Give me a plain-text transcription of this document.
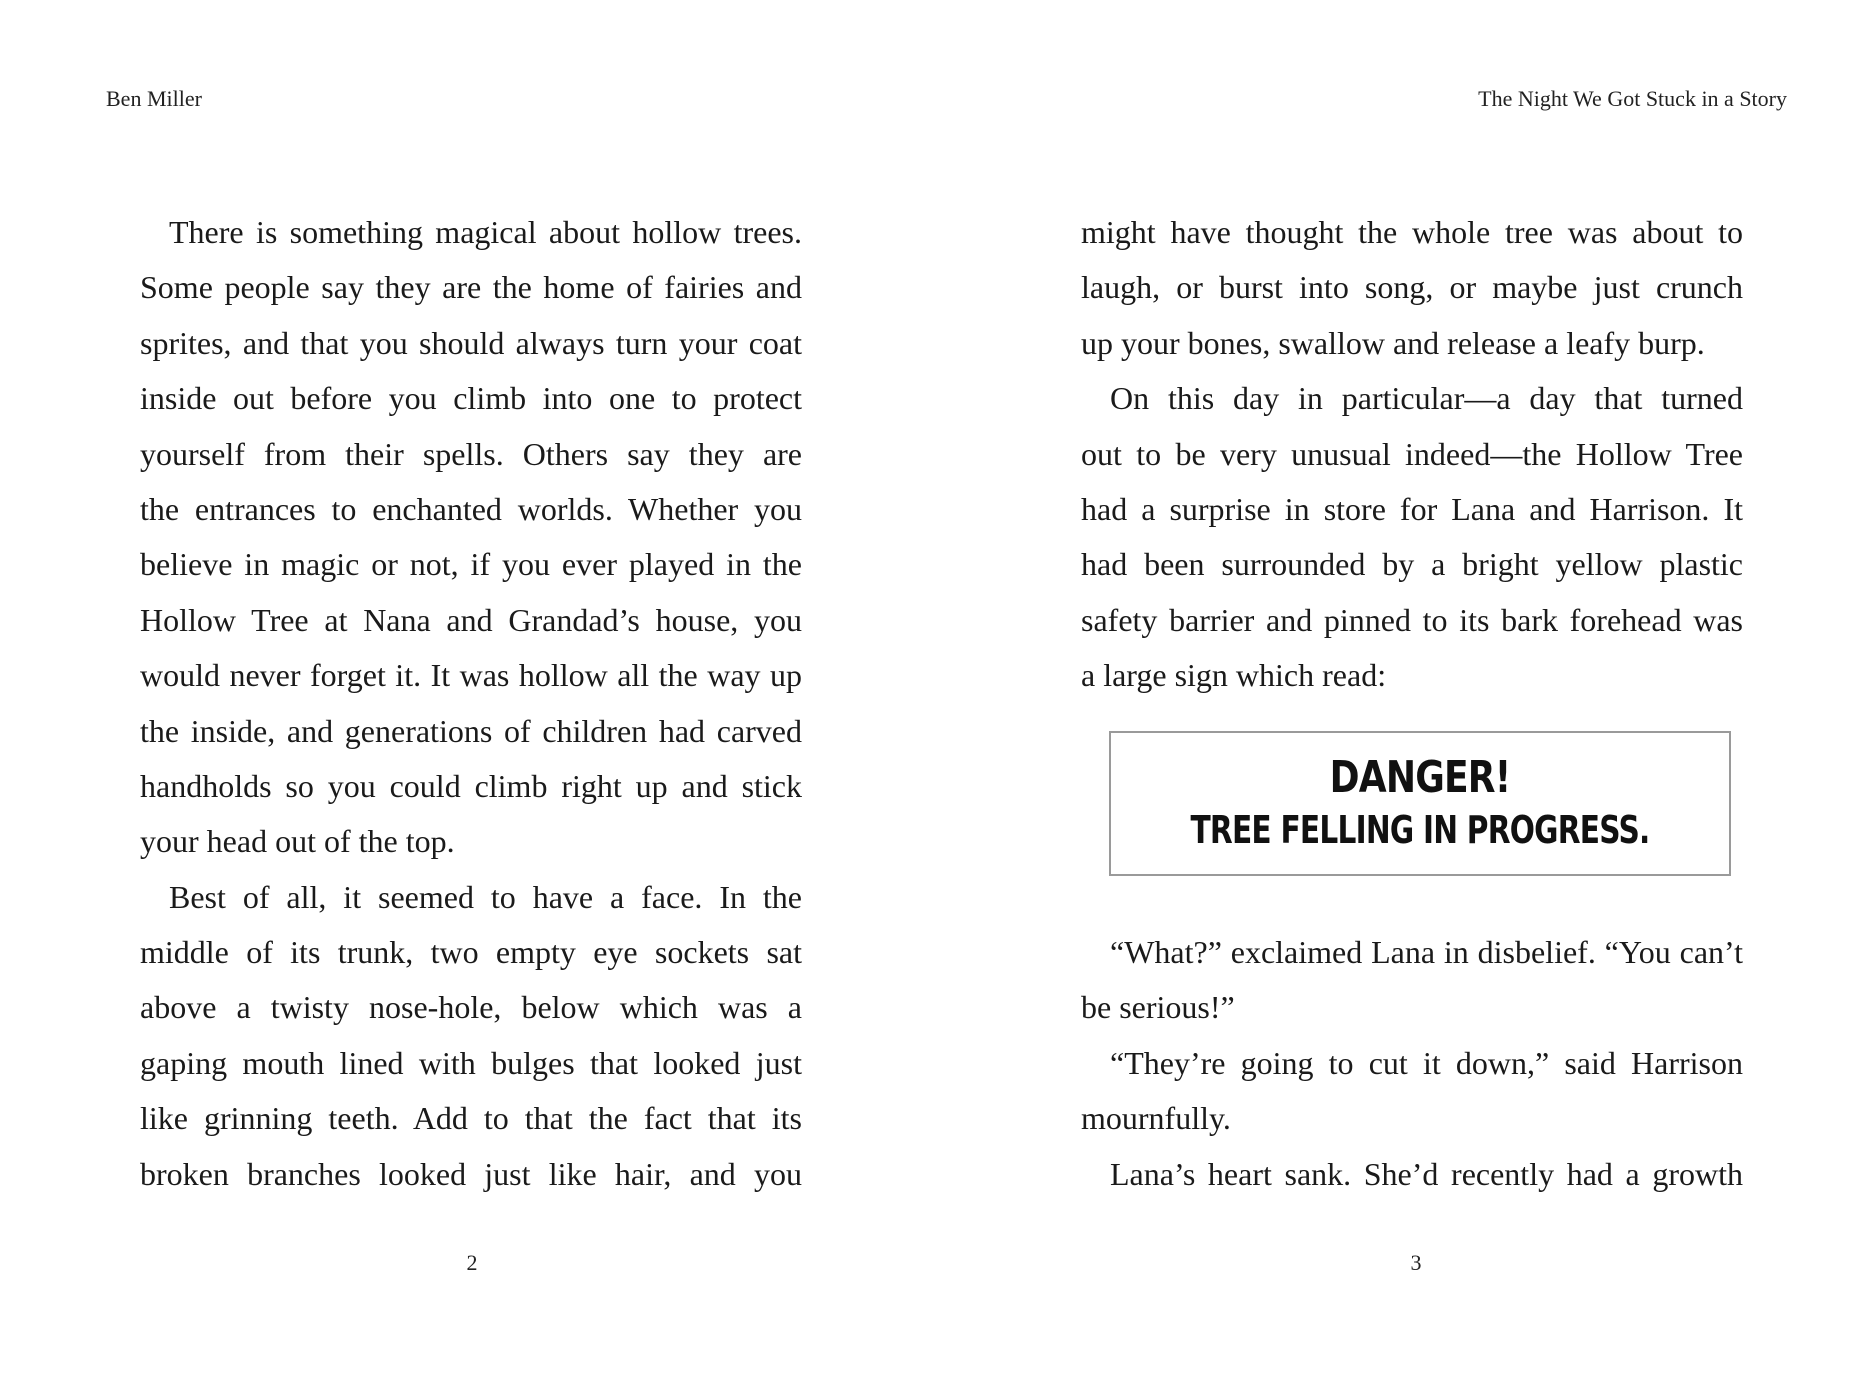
Ben Miller	The Night We Got Stuck in a Story
There is something magical about hollow trees.
Some people say they are the home of fairies and
sprites, and that you should always turn your coat
inside out before you climb into one to protect
yourself from their spells. Others say they are
the entrances to enchanted worlds. Whether you
believe in magic or not, if you ever played in the
Hollow Tree at Nana and Grandad’s house, you
would never forget it. It was hollow all the way up
the inside, and generations of children had carved
handholds so you could climb right up and stick
your head out of the top.
Best of all, it seemed to have a face. In the
middle of its trunk, two empty eye sockets sat
above a twisty nose-hole, below which was a
gaping mouth lined with bulges that looked just
like grinning teeth. Add to that the fact that its
broken branches looked just like hair, and you
might have thought the whole tree was about to
laugh, or burst into song, or maybe just crunch
up your bones, swallow and release a leafy burp.
On this day in particular—a day that turned
out to be very unusual indeed—the Hollow Tree
had a surprise in store for Lana and Harrison. It
had been surrounded by a bright yellow plastic
safety barrier and pinned to its bark forehead was
a large sign which read:
DANGER!
TREE FELLING IN PROGRESS.
“What?” exclaimed Lana in disbelief. “You can’t
be serious!”
“They’re going to cut it down,” said Harrison
mournfully.
Lana’s heart sank. She’d recently had a growth
2	3
